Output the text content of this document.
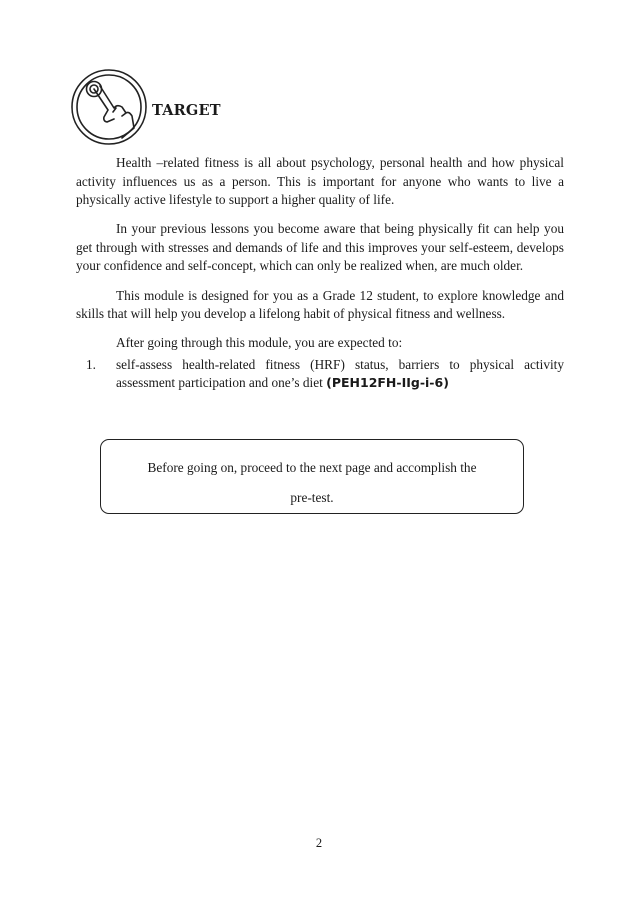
TARGET

Health –related fitness is all about psychology, personal health and how physical activity influences us as a person. This is important for anyone who wants to live a physically active lifestyle to support a higher quality of life.

In your previous lessons you become aware that being physically fit can help you get through with stresses and demands of life and this improves your self-esteem, develops your confidence and self-concept, which can only be realized when, are much older.

This module is designed for you as a Grade 12 student, to explore knowledge and skills that will help you develop a lifelong habit of physical fitness and wellness.

After going through this module, you are expected to:

1.	self-assess health-related fitness (HRF) status, barriers to physical activity assessment participation and one’s diet (PEH12FH-IIg-i-6)

Before going on, proceed to the next page and accomplish the

pre-test.

2
